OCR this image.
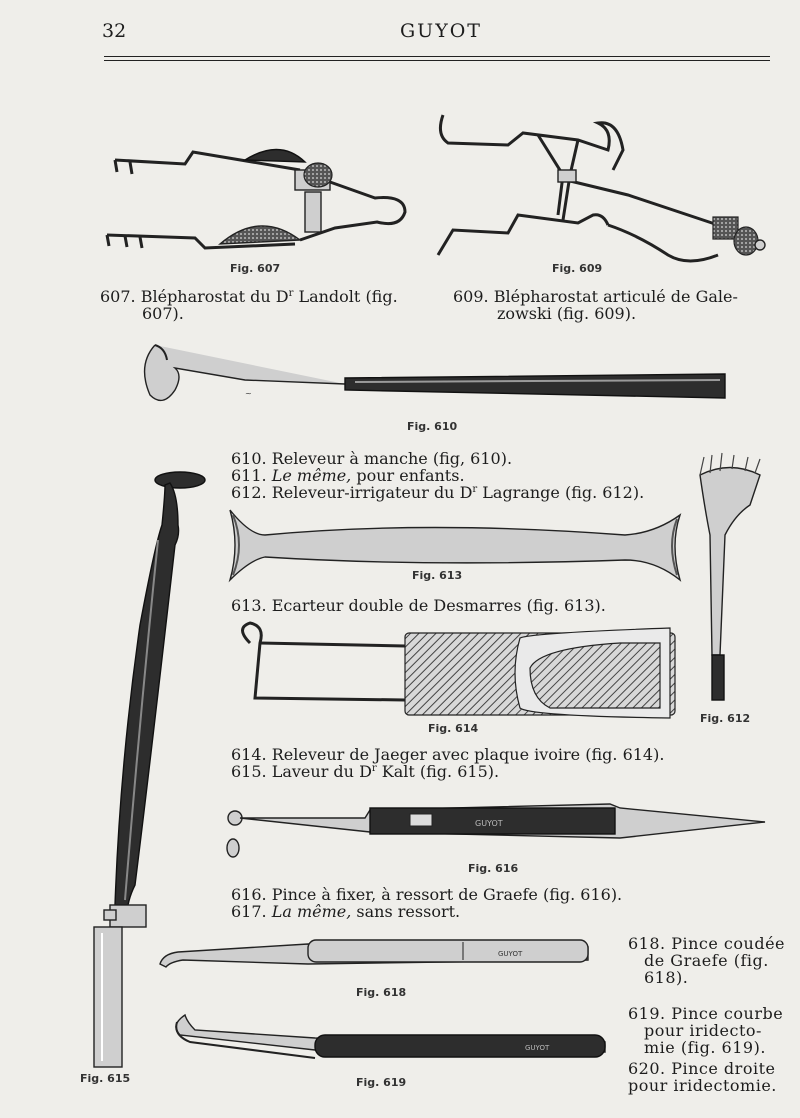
32	GUYOT
Fig. 607	Fig. 609
607. Blépharostat du $D^r$ Landolt (fig.
607).
609. Blépharostat articulé de Gale-
zowski (fig. 609).
~
Fig. 610
610. Releveur à manche (fig, 610).
611. Le même, pour enfants.
612. Releveur-irrigateur du $D^r$ Lagrange (fig. 612).
Fig. 615
Fig. 612
Fig. 613
613. Ecarteur double de Desmarres (fig. 613).
Fig. 614
614. Releveur de Jaeger avec plaque ivoire (fig. 614).
615. Laveur du $D^r$ Kalt (fig. 615).
GUYOT
Fig. 616
616. Pince à fixer, à ressort de Graefe (fig. 616).
617. La même, sans ressort.
GUYOT
Fig. 618
GUYOT
Fig. 619
618. Pince coudée
de Graefe (fig.
618).
619. Pince courbe
pour iridecto-
mie (fig. 619).
620. Pince droite
pour iridectomie.
